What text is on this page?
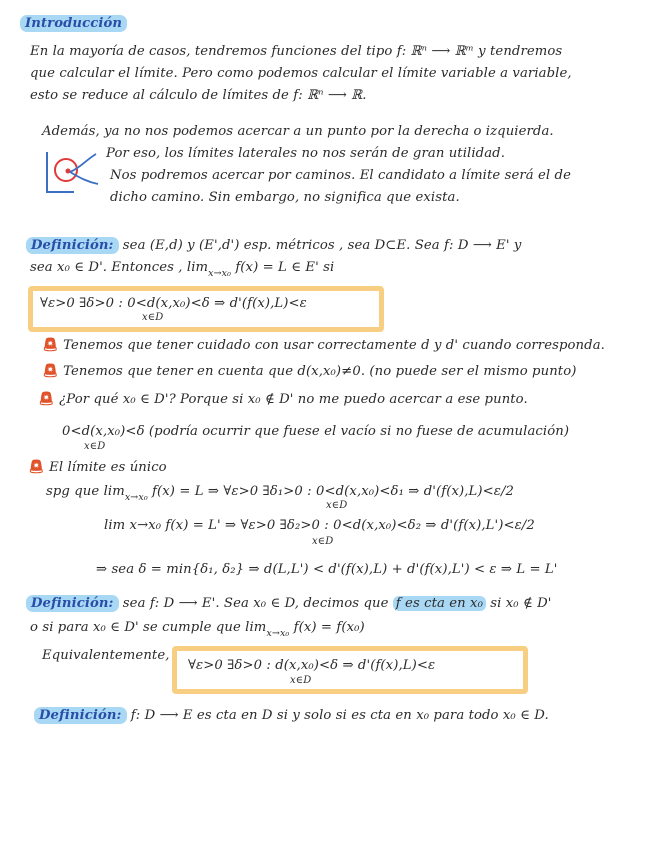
Introducción
En la mayoría de casos, tendremos funciones del tipo f: ℝⁿ ⟶ ℝᵐ y tendremos
que calcular el límite. Pero como podemos calcular el límite variable a variable,
esto se reduce al cálculo de límites de f: ℝⁿ ⟶ ℝ.
Además, ya no nos podemos acercar a un punto por la derecha o izquierda.
Por eso, los límites laterales no nos serán de gran utilidad.
Nos podremos acercar por caminos. El candidato a límite será el de
dicho camino. Sin embargo, no significa que exista.
Definición: sea (E,d) y (E',d') esp. métricos , sea D⊂E. Sea f: D ⟶ E' y
sea x₀ ∈ D'. Entonces , $\lim_{x\to x_0} f(x) = L$ ∈ E' si
∀ε>0 ∃δ>0 : 0<d(x,x₀)<δ ⇒ d'(f(x),L)<ε
x∈D
🚨︎ Tenemos que tener cuidado con usar correctamente d y d' cuando corresponda.
🚨︎ Tenemos que tener en cuenta que d(x,x₀)≠0. (no puede ser el mismo punto)
🚨︎ ¿Por qué x₀ ∈ D'? Porque si x₀ ∉ D' no me puedo acercar a ese punto.
0<d(x,x₀)<δ (podría ocurrir que fuese el vacío si no fuese de acumulación)
x∈D
🚨︎ El límite es único
spg que $\lim_{x\to x_0} f(x) = L$ ⇒ ∀ε>0 ∃δ₁>0 : 0<d(x,x₀)<δ₁ ⇒ d'(f(x),L)<ε/2
x∈D
lim x→x₀ f(x) = L' ⇒ ∀ε>0 ∃δ₂>0 : 0<d(x,x₀)<δ₂ ⇒ d'(f(x),L')<ε/2
x∈D
⇒ sea δ = min{δ₁, δ₂} ⇒ d(L,L') < d'(f(x),L) + d'(f(x),L') < ε ⇒ L = L'
Definición: sea f: D ⟶ E'. Sea x₀ ∈ D, decimos que f es cta en x₀ si x₀ ∉ D'
o si para x₀ ∈ D' se cumple que $\lim_{x\to x_0} f(x) = f(x_0)$
Equivalentemente,
∀ε>0 ∃δ>0 : d(x,x₀)<δ ⇒ d'(f(x),L)<ε
x∈D
Definición: f: D ⟶ E es cta en D si y solo si es cta en x₀ para todo x₀ ∈ D.
